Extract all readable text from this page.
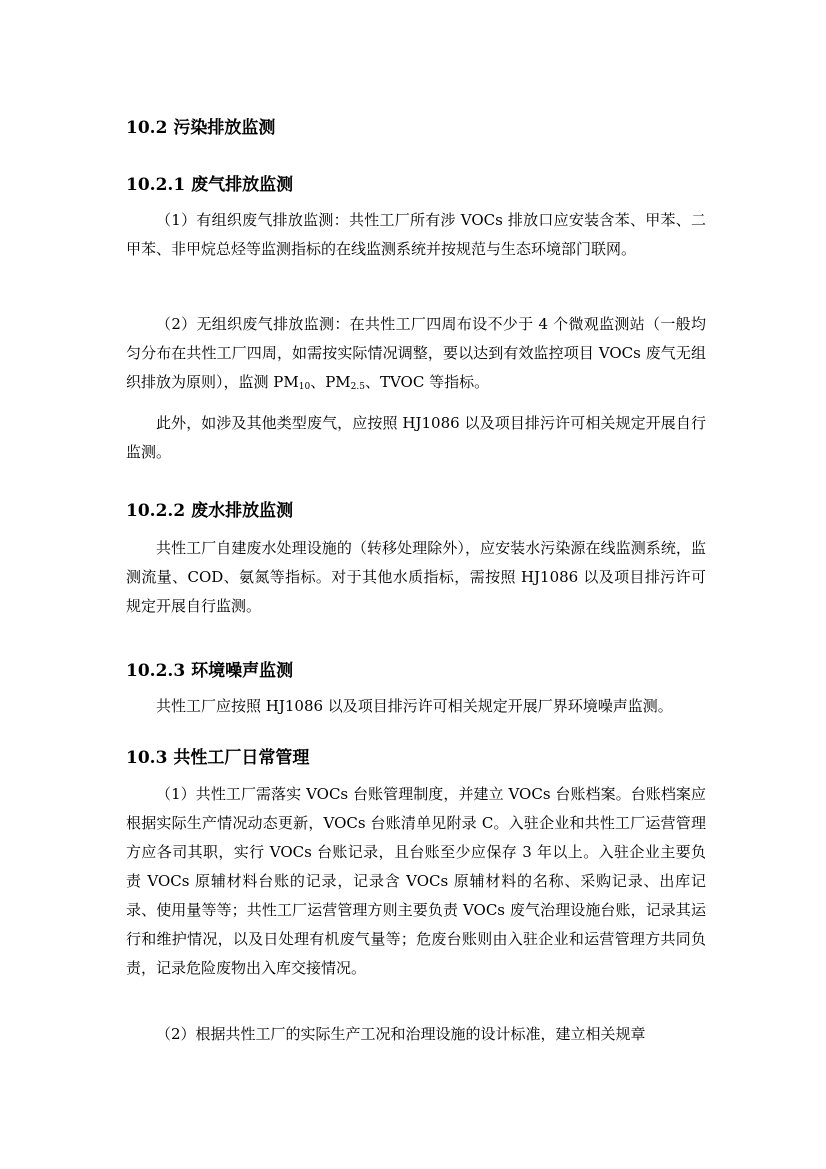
10.2 污染排放监测
10.2.1 废气排放监测

（1）有组织废气排放监测：共性工厂所有涉 VOCs 排放口应安装含苯、甲苯、二甲苯、非甲烷总烃等监测指标的在线监测系统并按规范与生态环境部门联网。

（2）无组织废气排放监测：在共性工厂四周布设不少于 4 个微观监测站（一般均匀分布在共性工厂四周，如需按实际情况调整，要以达到有效监控项目 VOCs 废气无组织排放为原则），监测 $PM_{10}$、$PM_{2.5}$、TVOC 等指标。

此外，如涉及其他类型废气，应按照 HJ1086 以及项目排污许可相关规定开展自行监测。

10.2.2 废水排放监测

共性工厂自建废水处理设施的（转移处理除外），应安装水污染源在线监测系统，监测流量、COD、氨氮等指标。对于其他水质指标，需按照 HJ1086 以及项目排污许可规定开展自行监测。

10.2.3 环境噪声监测

共性工厂应按照 HJ1086 以及项目排污许可相关规定开展厂界环境噪声监测。

10.3 共性工厂日常管理

（1）共性工厂需落实 VOCs 台账管理制度，并建立 VOCs 台账档案。台账档案应根据实际生产情况动态更新，VOCs 台账清单见附录 C。入驻企业和共性工厂运营管理方应各司其职，实行 VOCs 台账记录，且台账至少应保存 3 年以上。入驻企业主要负责 VOCs 原辅材料台账的记录，记录含 VOCs 原辅材料的名称、采购记录、出库记录、使用量等等；共性工厂运营管理方则主要负责 VOCs 废气治理设施台账，记录其运行和维护情况，以及日处理有机废气量等；危废台账则由入驻企业和运营管理方共同负责，记录危险废物出入库交接情况。

（2）根据共性工厂的实际生产工况和治理设施的设计标准，建立相关规章
